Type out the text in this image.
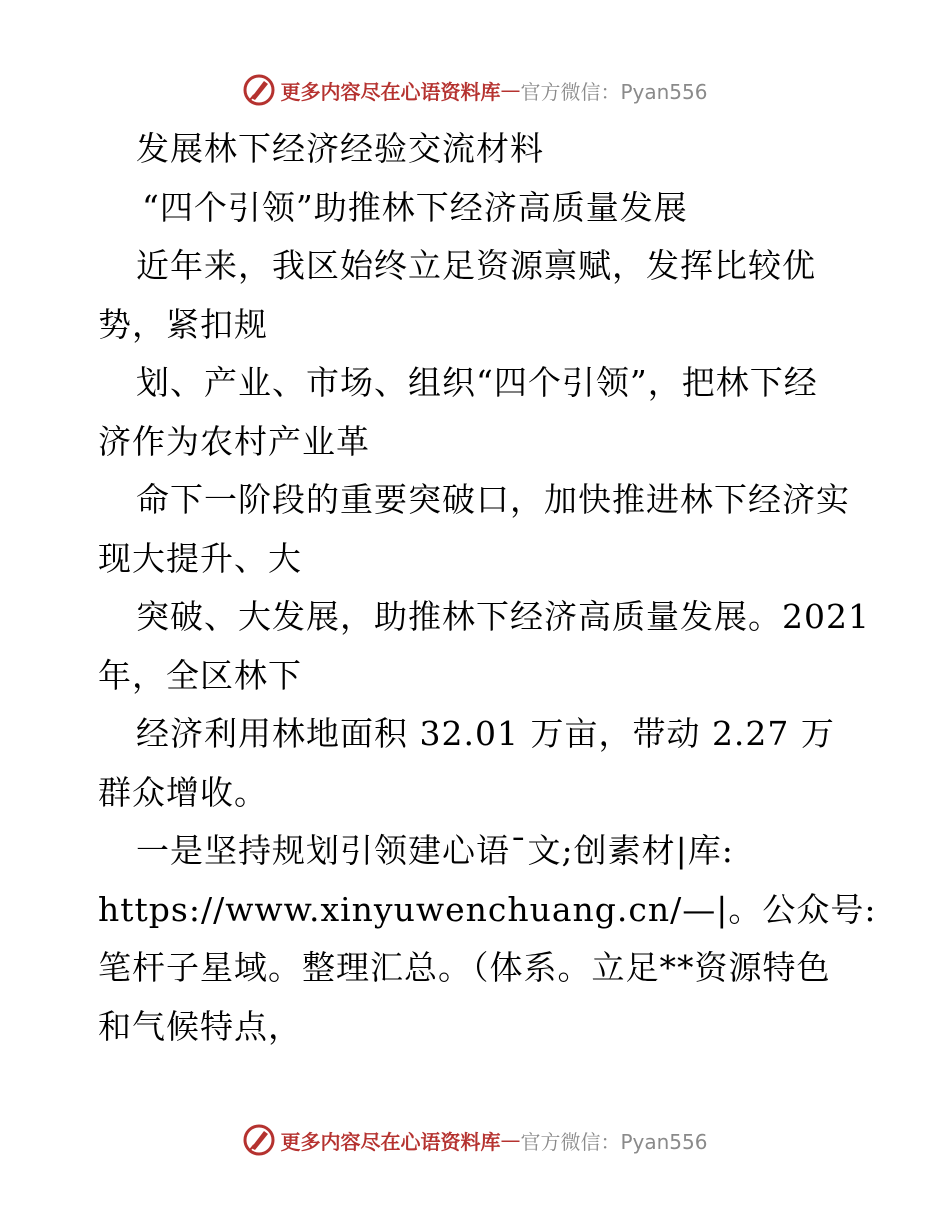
更多内容尽在心语资料库 — 官方微信：Pyan556
发展林下经济经验交流材料
“四个引领”助推林下经济高质量发展
近年来，我区始终立足资源禀赋，发挥比较优
势，紧扣规
划、产业、市场、组织“四个引领”，把林下经
济作为农村产业革
命下一阶段的重要突破口，加快推进林下经济实
现大提升、大
突破、大发展，助推林下经济高质量发展。2021
年，全区林下
经济利用林地面积 32.01 万亩，带动 2.27 万
群众增收。
一是坚持规划引领建心语¯文;创素材|库:
https://www.xinyuwenchuang.cn/—|。公众号:
笔杆子星域。整理汇总。（体系。立足**资源特色
和气候特点，
更多内容尽在心语资料库 — 官方微信：Pyan556
